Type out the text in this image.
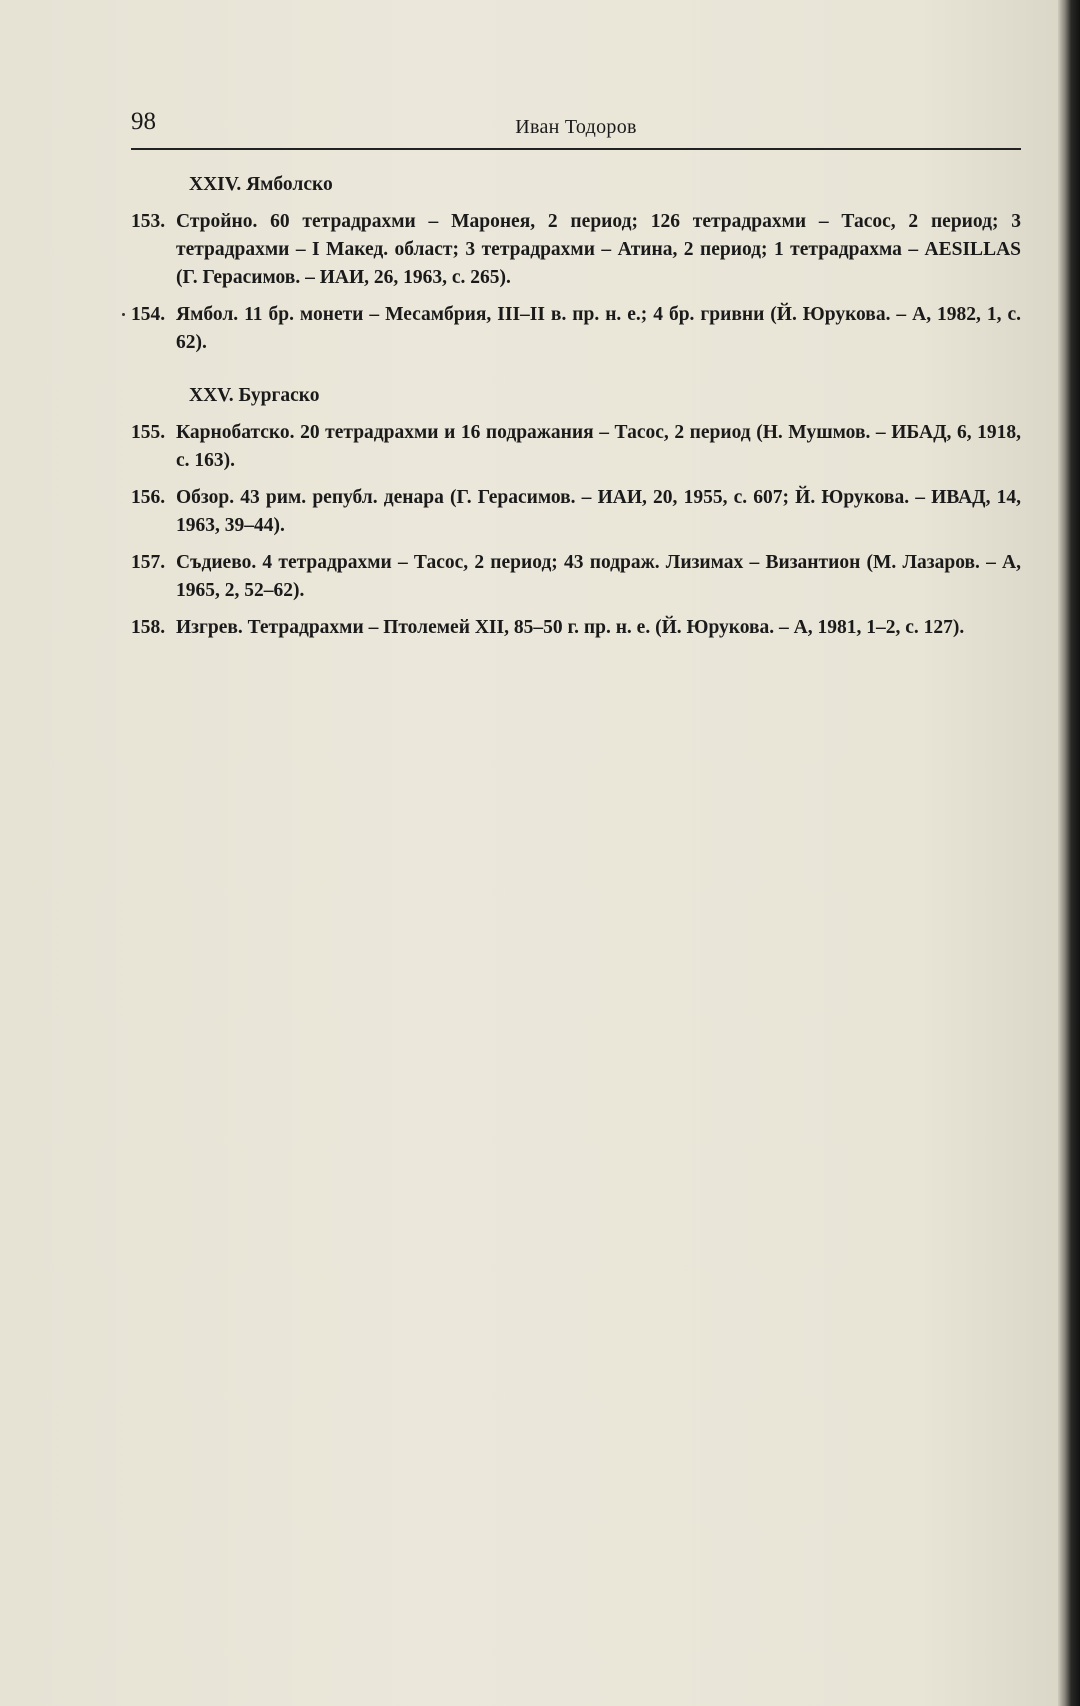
98	Иван Тодоров
XXIV. Ямболско
153. Стройно. 60 тетрадрахми – Маронея, 2 период; 126 тетрадрахми – Тасос, 2 период; 3 тетрадрахми – I Макед. област; 3 тетрадрахми – Атина, 2 период; 1 тетрадрахма – AESILLAS (Г. Герасимов. – ИАИ, 26, 1963, с. 265).
154. Ямбол. 11 бр. монети – Месамбрия, III–II в. пр. н. е.; 4 бр. гривни (Й. Юрукова. – А, 1982, 1, с. 62).
XXV. Бургаско
155. Карнобатско. 20 тетрадрахми и 16 подражания – Тасос, 2 период (Н. Мушмов. – ИБАД, 6, 1918, с. 163).
156. Обзор. 43 рим. републ. денара (Г. Герасимов. – ИАИ, 20, 1955, с. 607; Й. Юрукова. – ИВАД, 14, 1963, 39–44).
157. Съдиево. 4 тетрадрахми – Тасос, 2 период; 43 подраж. Лизимах – Византион (М. Лазаров. – А, 1965, 2, 52–62).
158. Изгрев. Тетрадрахми – Птолемей XII, 85–50 г. пр. н. е. (Й. Юрукова. – А, 1981, 1–2, с. 127).
